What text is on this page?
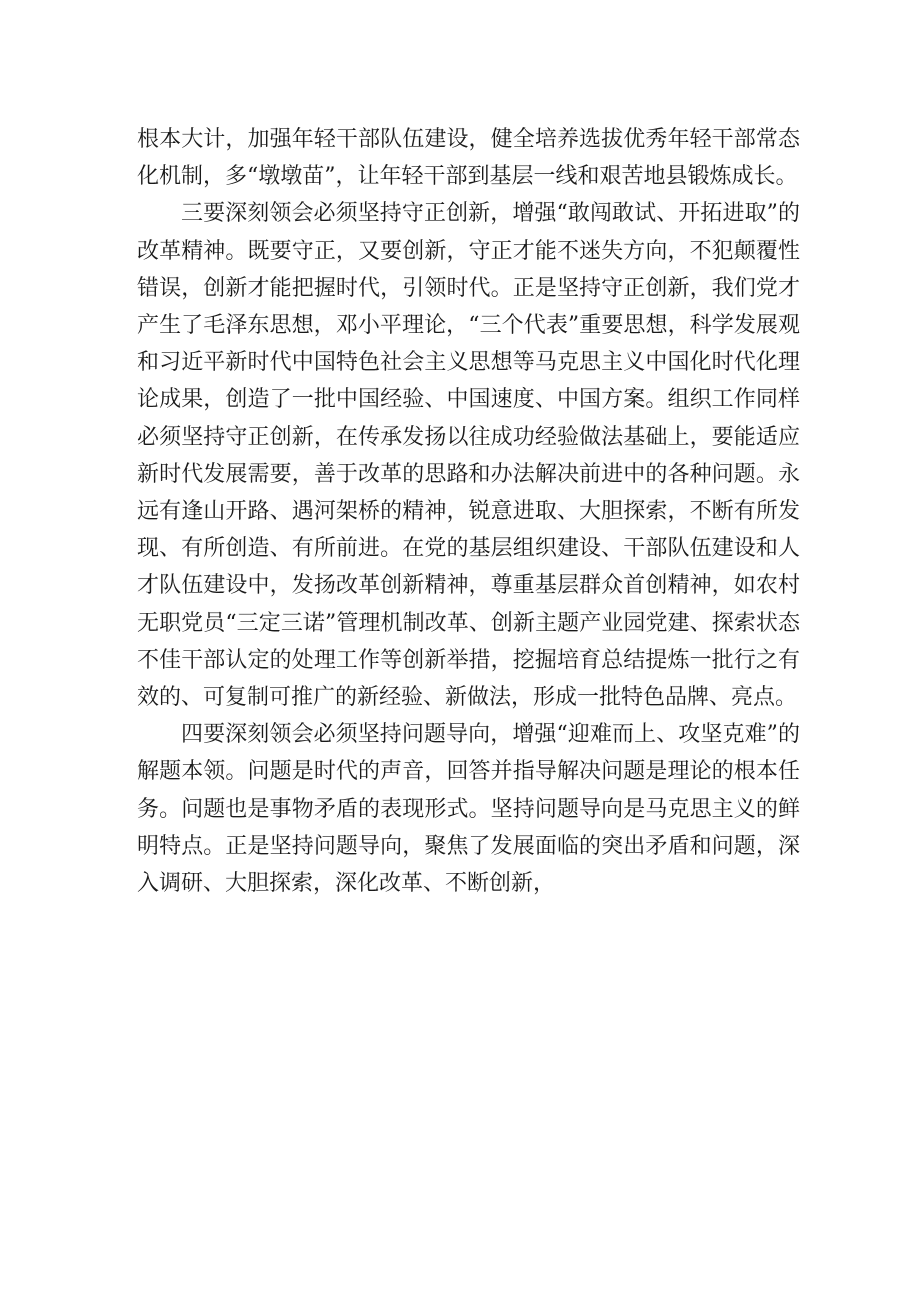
根本大计，加强年轻干部队伍建设，健全培养选拔优秀年轻干部常态化机制，多“墩墩苗”，让年轻干部到基层一线和艰苦地县锻炼成长。

三要深刻领会必须坚持守正创新，增强“敢闯敢试、开拓进取”的改革精神。既要守正，又要创新，守正才能不迷失方向，不犯颠覆性错误，创新才能把握时代，引领时代。正是坚持守正创新，我们党才产生了毛泽东思想，邓小平理论，“三个代表”重要思想，科学发展观和习近平新时代中国特色社会主义思想等马克思主义中国化时代化理论成果，创造了一批中国经验、中国速度、中国方案。组织工作同样必须坚持守正创新，在传承发扬以往成功经验做法基础上，要能适应新时代发展需要，善于改革的思路和办法解决前进中的各种问题。永远有逢山开路、遇河架桥的精神，锐意进取、大胆探索，不断有所发现、有所创造、有所前进。在党的基层组织建设、干部队伍建设和人才队伍建设中，发扬改革创新精神，尊重基层群众首创精神，如农村无职党员“三定三诺”管理机制改革、创新主题产业园党建、探索状态不佳干部认定的处理工作等创新举措，挖掘培育总结提炼一批行之有效的、可复制可推广的新经验、新做法，形成一批特色品牌、亮点。

四要深刻领会必须坚持问题导向，增强“迎难而上、攻坚克难”的解题本领。问题是时代的声音，回答并指导解决问题是理论的根本任务。问题也是事物矛盾的表现形式。坚持问题导向是马克思主义的鲜明特点。正是坚持问题导向，聚焦了发展面临的突出矛盾和问题，深入调研、大胆探索，深化改革、不断创新，
